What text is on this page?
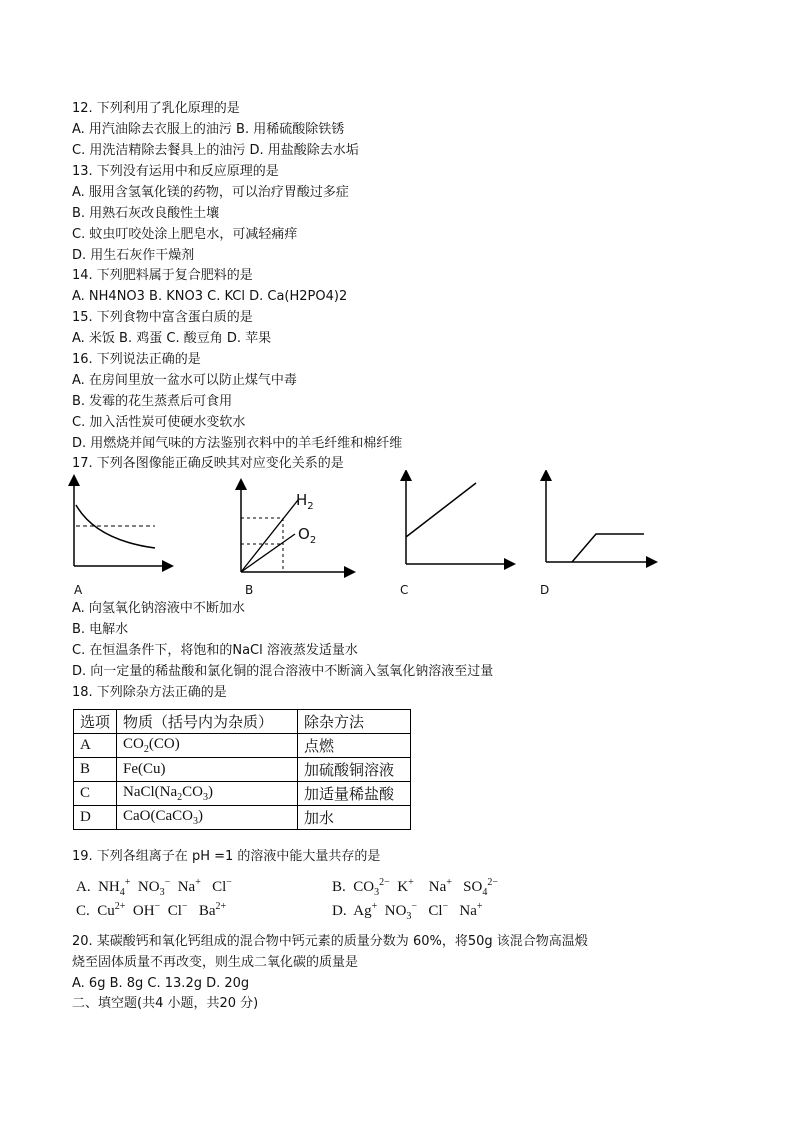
12. 下列利用了乳化原理的是
A. 用汽油除去衣服上的油污 B. 用稀硫酸除铁锈
C. 用洗洁精除去餐具上的油污 D. 用盐酸除去水垢
13. 下列没有运用中和反应原理的是
A. 服用含氢氧化镁的药物，可以治疗胃酸过多症
B. 用熟石灰改良酸性土壤
C. 蚊虫叮咬处涂上肥皂水，可减轻痛痒
D. 用生石灰作干燥剂
14. 下列肥料属于复合肥料的是
A. NH4NO3 B. KNO3 C. KCl D. Ca(H2PO4)2
15. 下列食物中富含蛋白质的是
A. 米饭 B. 鸡蛋 C. 酸豆角 D. 苹果
16. 下列说法正确的是
A. 在房间里放一盆水可以防止煤气中毒
B. 发霉的花生蒸煮后可食用
C. 加入活性炭可使硬水变软水
D. 用燃烧并闻气味的方法鉴别衣料中的羊毛纤维和棉纤维
17. 下列各图像能正确反映其对应变化关系的是
$H_2$
$O_2$
A	B	C	D
A. 向氢氧化钠溶液中不断加水
B. 电解水
C. 在恒温条件下，将饱和的NaCl 溶液蒸发适量水
D. 向一定量的稀盐酸和氯化铜的混合溶液中不断滴入氢氧化钠溶液至过量
18. 下列除杂方法正确的是
选项	物质（括号内为杂质）	除杂方法
A	$CO_2(CO)$	点燃
B	Fe(Cu)	加硫酸铜溶液
C	$NaCl(Na_2CO_3)$	加适量稀盐酸
D	CaO(CaCO$_3$)	加水
19. 下列各组离子在 pH =1 的溶液中能大量共存的是
A.  $NH_4^+$  $NO_3^-$  Na+   Cl−	B.  $CO_3^{2-}$  K+    Na+   $SO_4^{2-}$
C.  $Cu^{2+}$  OH−  Cl−   $Ba^{2+}$	D.  Ag+  $NO_3^-$   Cl−   Na+
20. 某碳酸钙和氧化钙组成的混合物中钙元素的质量分数为 60%，将50g 该混合物高温煅
烧至固体质量不再改变，则生成二氧化碳的质量是
A. 6g B. 8g C. 13.2g D. 20g
二、填空题(共4 小题，共20 分)
